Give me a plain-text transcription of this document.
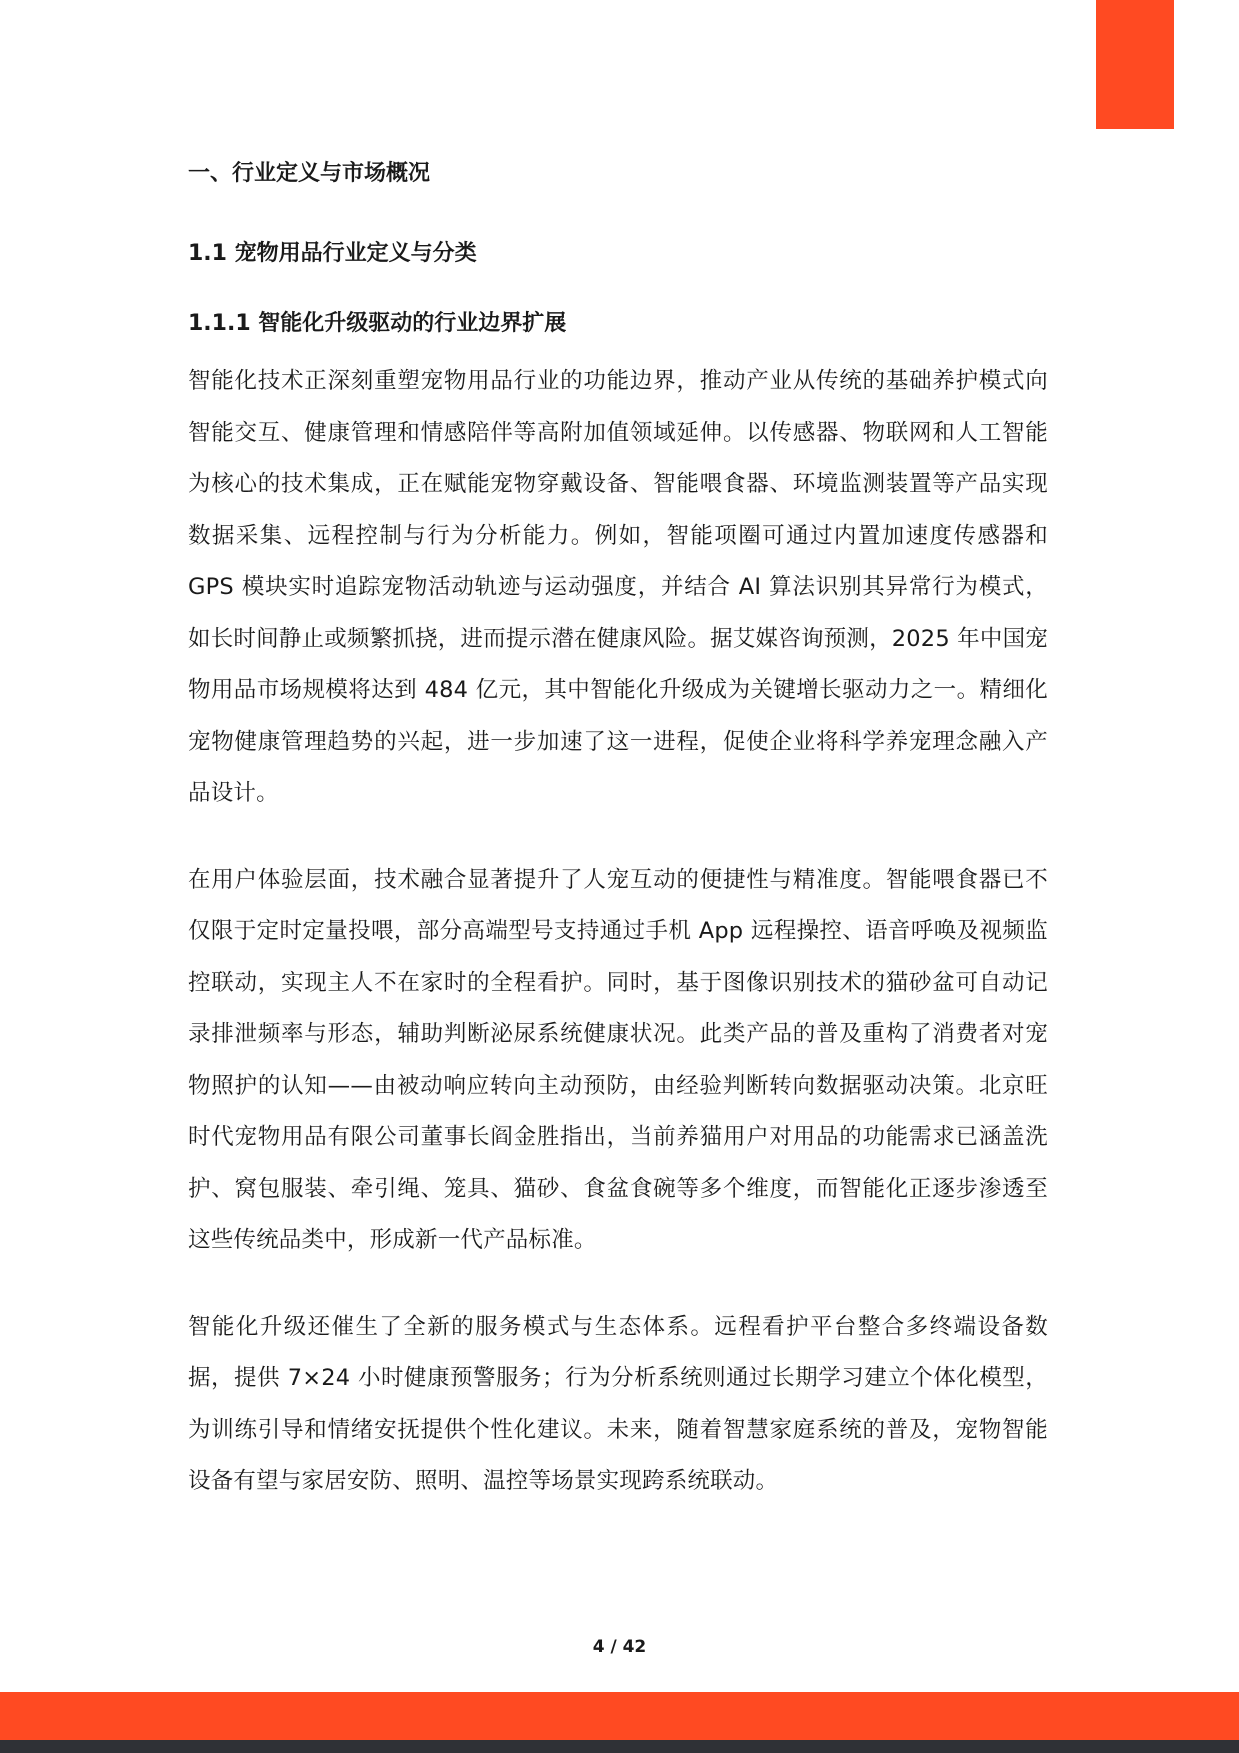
一、行业定义与市场概况
1.1 宠物用品行业定义与分类
1.1.1 智能化升级驱动的行业边界扩展

智能化技术正深刻重塑宠物用品行业的功能边界，推动产业从传统的基础养护模式向智能交互、健康管理和情感陪伴等高附加值领域延伸。以传感器、物联网和人工智能为核心的技术集成，正在赋能宠物穿戴设备、智能喂食器、环境监测装置等产品实现数据采集、远程控制与行为分析能力。例如，智能项圈可通过内置加速度传感器和 GPS 模块实时追踪宠物活动轨迹与运动强度，并结合 AI 算法识别其异常行为模式，如长时间静止或频繁抓挠，进而提示潜在健康风险。据艾媒咨询预测，2025 年中国宠物用品市场规模将达到 484 亿元，其中智能化升级成为关键增长驱动力之一。精细化宠物健康管理趋势的兴起，进一步加速了这一进程，促使企业将科学养宠理念融入产品设计。

在用户体验层面，技术融合显著提升了人宠互动的便捷性与精准度。智能喂食器已不仅限于定时定量投喂，部分高端型号支持通过手机 App 远程操控、语音呼唤及视频监控联动，实现主人不在家时的全程看护。同时，基于图像识别技术的猫砂盆可自动记录排泄频率与形态，辅助判断泌尿系统健康状况。此类产品的普及重构了消费者对宠物照护的认知——由被动响应转向主动预防，由经验判断转向数据驱动决策。北京旺时代宠物用品有限公司董事长阎金胜指出，当前养猫用户对用品的功能需求已涵盖洗护、窝包服装、牵引绳、笼具、猫砂、食盆食碗等多个维度，而智能化正逐步渗透至这些传统品类中，形成新一代产品标准。

智能化升级还催生了全新的服务模式与生态体系。远程看护平台整合多终端设备数据，提供 7×24 小时健康预警服务；行为分析系统则通过长期学习建立个体化模型，为训练引导和情绪安抚提供个性化建议。未来，随着智慧家庭系统的普及，宠物智能设备有望与家居安防、照明、温控等场景实现跨系统联动。

4 / 42
